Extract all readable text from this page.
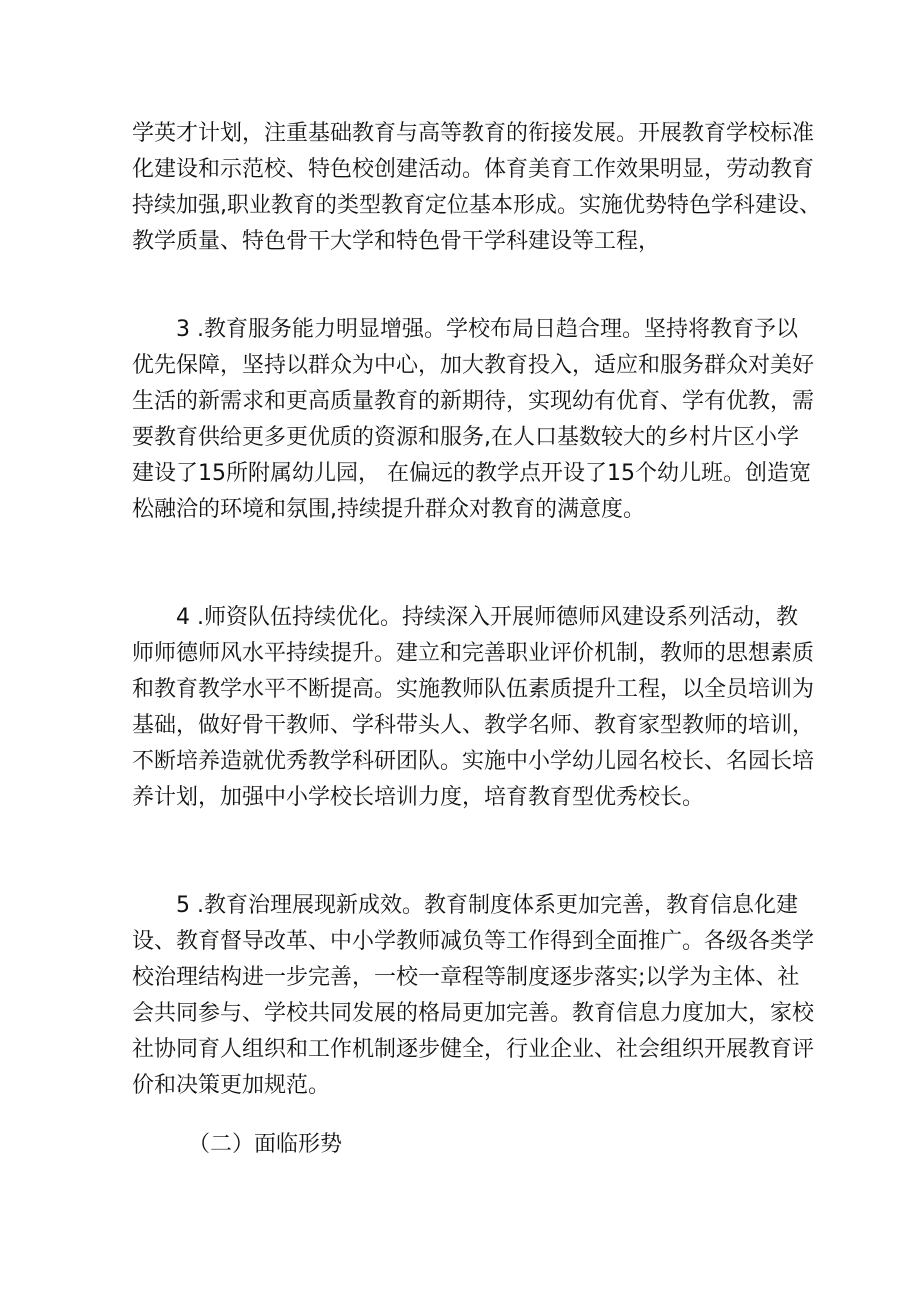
学英才计划，注重基础教育与高等教育的衔接发展。开展教育学校标准
化建设和示范校、特色校创建活动。体育美育工作效果明显，劳动教育
持续加强,职业教育的类型教育定位基本形成。实施优势特色学科建设、
教学质量、特色骨干大学和特色骨干学科建设等工程，
3 .教育服务能力明显增强。学校布局日趋合理。坚持将教育予以
优先保障，坚持以群众为中心，加大教育投入，适应和服务群众对美好
生活的新需求和更高质量教育的新期待，实现幼有优育、学有优教，需
要教育供给更多更优质的资源和服务,在人口基数较大的乡村片区小学
建设了15所附属幼儿园， 在偏远的教学点开设了15个幼儿班。创造宽
松融洽的环境和氛围,持续提升群众对教育的满意度。
4 .师资队伍持续优化。持续深入开展师德师风建设系列活动，教
师师德师风水平持续提升。建立和完善职业评价机制，教师的思想素质
和教育教学水平不断提高。实施教师队伍素质提升工程，以全员培训为
基础，做好骨干教师、学科带头人、教学名师、教育家型教师的培训，
不断培养造就优秀教学科研团队。实施中小学幼儿园名校长、名园长培
养计划，加强中小学校长培训力度，培育教育型优秀校长。
5 .教育治理展现新成效。教育制度体系更加完善，教育信息化建
设、教育督导改革、中小学教师减负等工作得到全面推广。各级各类学
校治理结构进一步完善，一校一章程等制度逐步落实;以学为主体、社
会共同参与、学校共同发展的格局更加完善。教育信息力度加大，家校
社协同育人组织和工作机制逐步健全，行业企业、社会组织开展教育评
价和决策更加规范。

（二）面临形势
